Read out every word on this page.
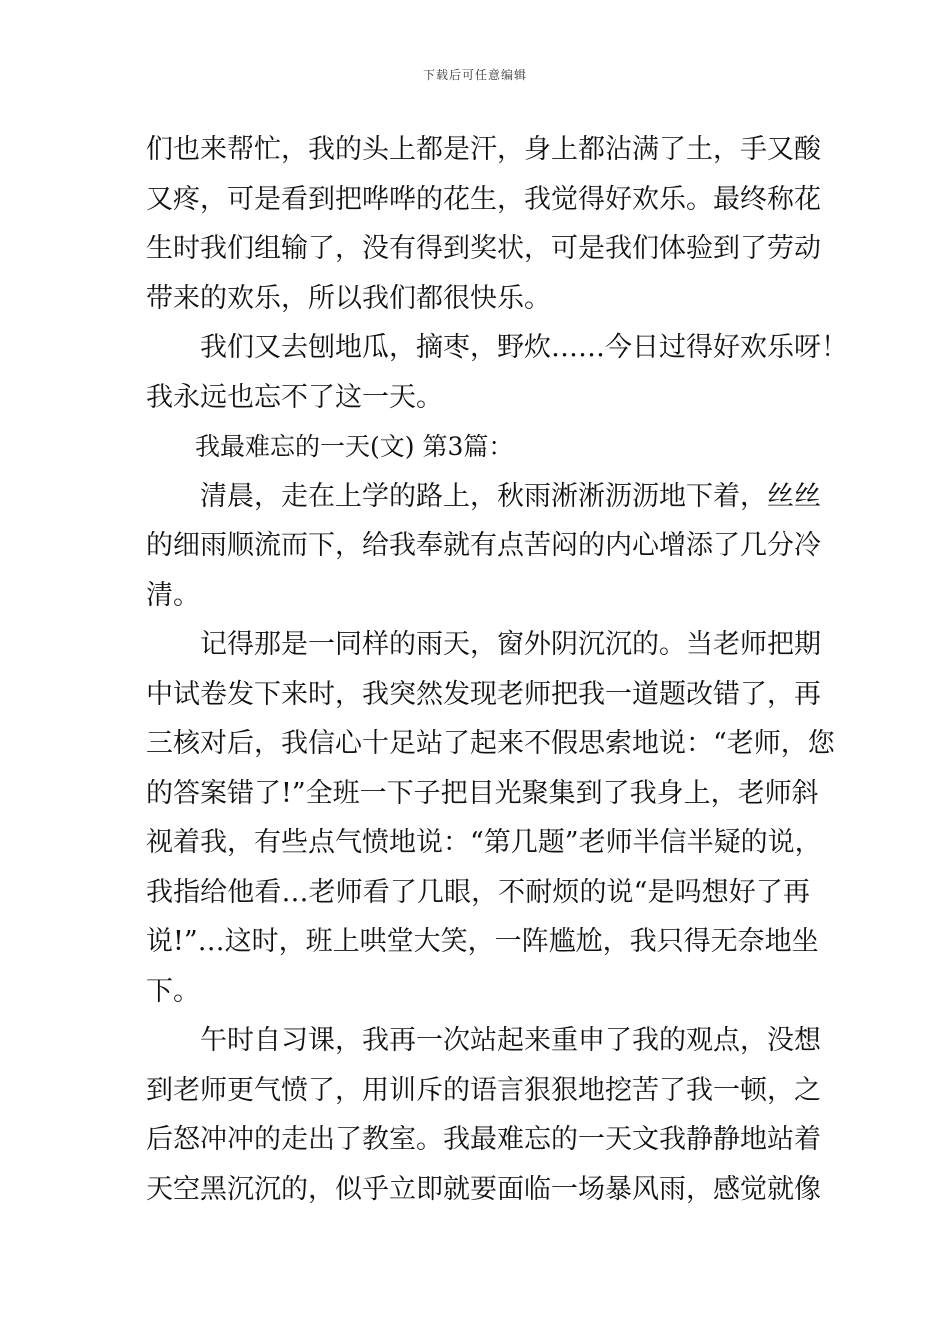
下载后可任意编辑
们也来帮忙，我的头上都是汗，身上都沾满了土，手又酸
又疼，可是看到把哗哗的花生，我觉得好欢乐。最终称花
生时我们组输了，没有得到奖状，可是我们体验到了劳动
带来的欢乐，所以我们都很快乐。
我们又去刨地瓜，摘枣，野炊……今日过得好欢乐呀！
我永远也忘不了这一天。
我最难忘的一天(文) 第3篇：
清晨，走在上学的路上，秋雨淅淅沥沥地下着，丝丝
的细雨顺流而下，给我奉就有点苦闷的内心增添了几分冷
清。
记得那是一同样的雨天，窗外阴沉沉的。当老师把期
中试卷发下来时，我突然发现老师把我一道题改错了，再
三核对后，我信心十足站了起来不假思索地说：“老师，您
的答案错了!”全班一下子把目光聚集到了我身上，老师斜
视着我，有些点气愤地说：“第几题”老师半信半疑的说，
我指给他看…老师看了几眼，不耐烦的说“是吗想好了再
说!”…这时，班上哄堂大笑，一阵尴尬，我只得无奈地坐
下。
午时自习课，我再一次站起来重申了我的观点，没想
到老师更气愤了，用训斥的语言狠狠地挖苦了我一顿，之
后怒冲冲的走出了教室。我最难忘的一天文我静静地站着
天空黑沉沉的，似乎立即就要面临一场暴风雨，感觉就像
